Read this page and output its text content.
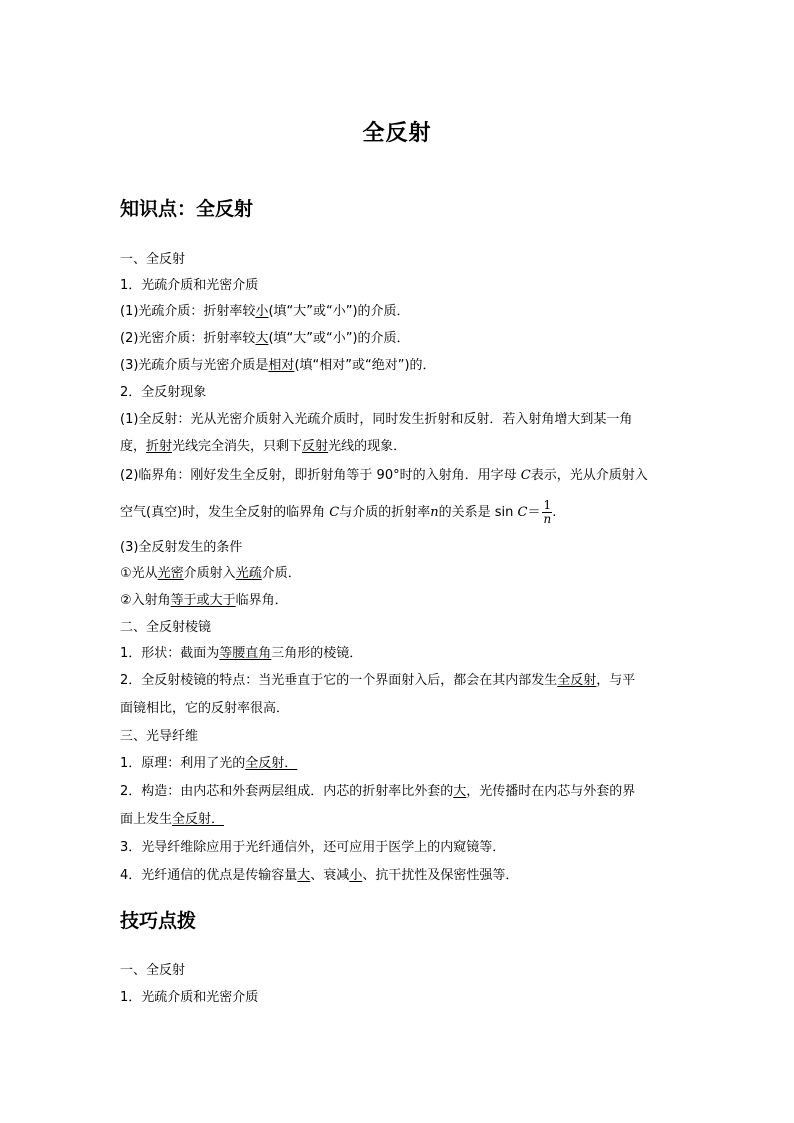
全反射
知识点：全反射
一、全反射
1．光疏介质和光密介质
(1)光疏介质：折射率较小(填“大”或“小”)的介质．
(2)光密介质：折射率较大(填“大”或“小”)的介质．
(3)光疏介质与光密介质是相对(填“相对”或“绝对”)的．
2．全反射现象
(1)全反射：光从光密介质射入光疏介质时，同时发生折射和反射．若入射角增大到某一角
度，折射光线完全消失，只剩下反射光线的现象．
(2)临界角：刚好发生全反射，即折射角等于 90°时的入射角．用字母 C表示，光从介质射入
空气(真空)时，发生全反射的临界角 C与介质的折射率n的关系是 $\sin C= \frac{1}{n}$ .
(3)全反射发生的条件
①光从光密介质射入光疏介质．
②入射角等于或大于临界角．
二、全反射棱镜
1．形状：截面为等腰直角三角形的棱镜．
2．全反射棱镜的特点：当光垂直于它的一个界面射入后，都会在其内部发生全反射，与平
面镜相比，它的反射率很高．
三、光导纤维
1．原理：利用了光的全反射．
2．构造：由内芯和外套两层组成．内芯的折射率比外套的大，光传播时在内芯与外套的界
面上发生全反射．
3．光导纤维除应用于光纤通信外，还可应用于医学上的内窥镜等．
4．光纤通信的优点是传输容量大、衰减小、抗干扰性及保密性强等．
技巧点拨
一、全反射
1．光疏介质和光密介质
